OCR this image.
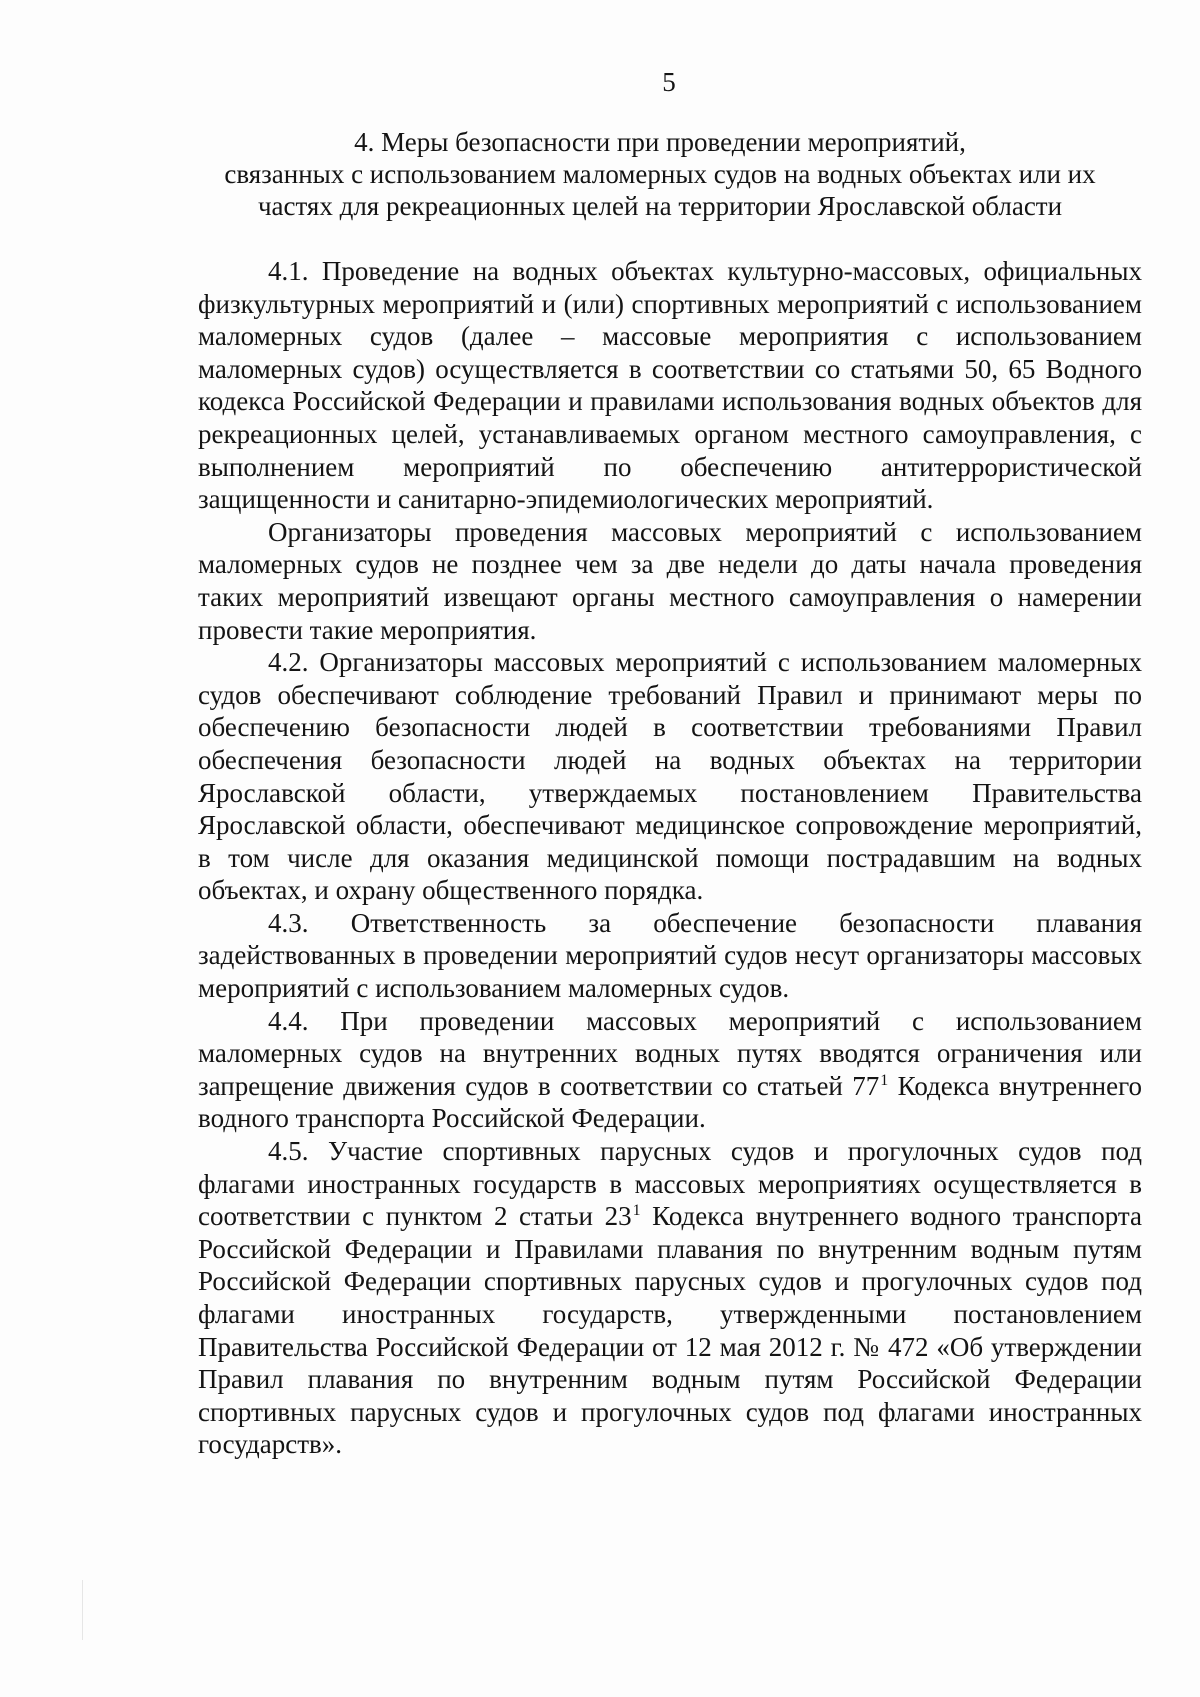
5
4. Меры безопасности при проведении мероприятий,
связанных с использованием маломерных судов на водных объектах или их
частях для рекреационных целей на территории Ярославской области

4.1. Проведение на водных объектах культурно-массовых, официальных физкультурных мероприятий и (или) спортивных мероприятий с использованием маломерных судов (далее – массовые мероприятия с использованием маломерных судов) осуществляется в соответствии со статьями 50, 65 Водного кодекса Российской Федерации и правилами использования водных объектов для рекреационных целей, устанавливаемых органом местного самоуправления, с выполнением мероприятий по обеспечению антитеррористической защищенности и санитарно-эпидемиологических мероприятий.

Организаторы проведения массовых мероприятий с использованием маломерных судов не позднее чем за две недели до даты начала проведения таких мероприятий извещают органы местного самоуправления о намерении провести такие мероприятия.

4.2. Организаторы массовых мероприятий с использованием маломерных судов обеспечивают соблюдение требований Правил и принимают меры по обеспечению безопасности людей в соответствии требованиями Правил обеспечения безопасности людей на водных объектах на территории Ярославской области, утверждаемых постановлением Правительства Ярославской области, обеспечивают медицинское сопровождение мероприятий, в том числе для оказания медицинской помощи пострадавшим на водных объектах, и охрану общественного порядка.

4.3. Ответственность за обеспечение безопасности плавания задействованных в проведении мероприятий судов несут организаторы массовых мероприятий с использованием маломерных судов.

4.4. При проведении массовых мероприятий с использованием маломерных судов на внутренних водных путях вводятся ограничения или запрещение движения судов в соответствии со статьей 77$^1$ Кодекса внутреннего водного транспорта Российской Федерации.

4.5. Участие спортивных парусных судов и прогулочных судов под флагами иностранных государств в массовых мероприятиях осуществляется в соответствии с пунктом 2 статьи 23$^1$ Кодекса внутреннего водного транспорта Российской Федерации и Правилами плавания по внутренним водным путям Российской Федерации спортивных парусных судов и прогулочных судов под флагами иностранных государств, утвержденными постановлением Правительства Российской Федерации от 12 мая 2012 г. № 472 «Об утверждении Правил плавания по внутренним водным путям Российской Федерации спортивных парусных судов и прогулочных судов под флагами иностранных государств».
